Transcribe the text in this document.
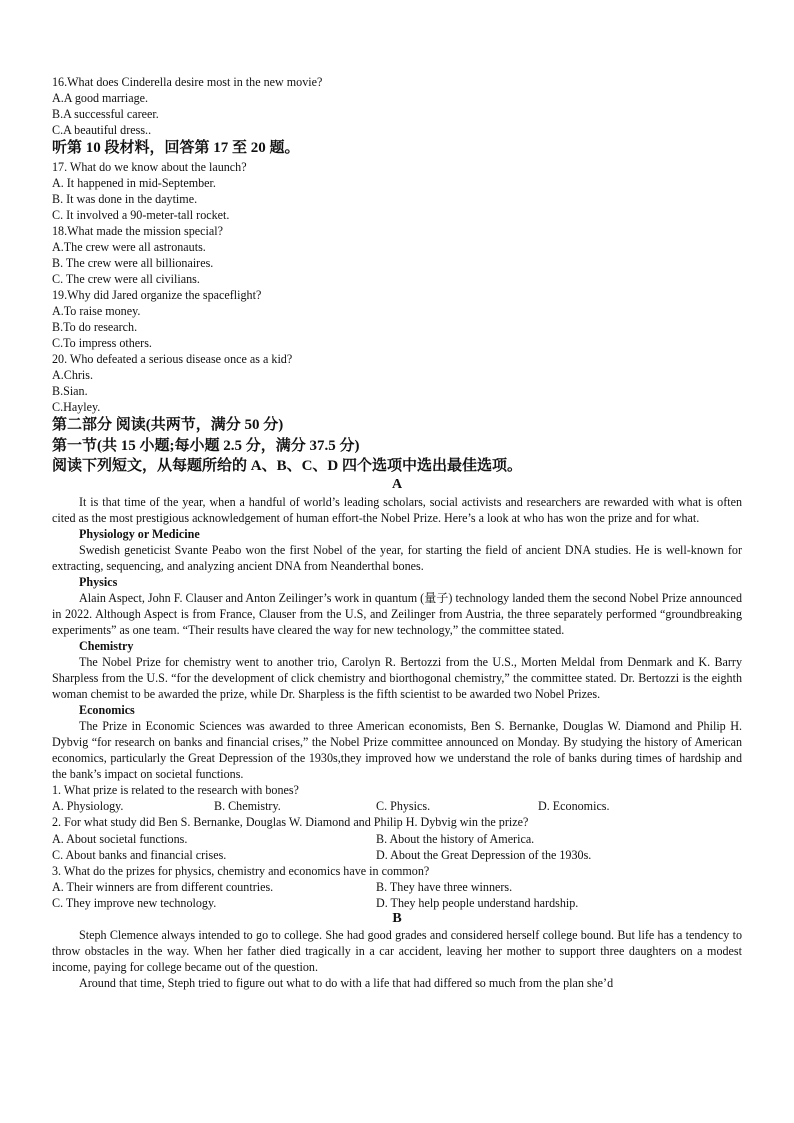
16.What does Cinderella desire most in the new movie?
A.A good marriage.
B.A successful career.
C.A beautiful dress..
听第 10 段材料，回答第 17 至 20 题。
17. What do we know about the launch?
A. It happened in mid-September.
B. It was done in the daytime.
C. It involved a 90-meter-tall rocket.
18.What made the mission special?
A.The crew were all astronauts.
B. The crew were all billionaires.
C. The crew were all civilians.
19.Why did Jared organize the spaceflight?
A.To raise money.
B.To do research.
C.To impress others.
20. Who defeated a serious disease once as a kid?
A.Chris.
B.Sian.
C.Hayley.
第二部分 阅读(共两节，满分 50 分)
第一节(共 15 小题;每小题 2.5 分，满分 37.5 分)
阅读下列短文，从每题所给的 A、B、C、D 四个选项中选出最佳选项。
A
It is that time of the year, when a handful of world’s leading scholars, social activists and researchers are rewarded with what is often cited as the most prestigious acknowledgement of human effort-the Nobel Prize. Here’s a look at who has won the prize and for what.
Physiology or Medicine
Swedish geneticist Svante Peabo won the first Nobel of the year, for starting the field of ancient DNA studies. He is well-known for extracting, sequencing, and analyzing ancient DNA from Neanderthal bones.
Physics
Alain Aspect, John F. Clauser and Anton Zeilinger’s work in quantum (量子) technology landed them the second Nobel Prize announced in 2022. Although Aspect is from France, Clauser from the U.S, and Zeilinger from Austria, the three separately performed “groundbreaking experiments” as one team. “Their results have cleared the way for new technology,” the committee stated.
Chemistry
The Nobel Prize for chemistry went to another trio, Carolyn R. Bertozzi from the U.S., Morten Meldal from Denmark and K. Barry Sharpless from the U.S. “for the development of click chemistry and biorthogonal chemistry,” the committee stated. Dr. Bertozzi is the eighth woman chemist to be awarded the prize, while Dr. Sharpless is the fifth scientist to be awarded two Nobel Prizes.
Economics
The Prize in Economic Sciences was awarded to three American economists, Ben S. Bernanke, Douglas W. Diamond and Philip H. Dybvig “for research on banks and financial crises,” the Nobel Prize committee announced on Monday. By studying the history of American economics, particularly the Great Depression of the 1930s,they improved how we understand the role of banks during times of hardship and the bank’s impact on societal functions.
1. What prize is related to the research with bones?
A. Physiology.	B. Chemistry.	C. Physics.	D. Economics.
2. For what study did Ben S. Bernanke, Douglas W. Diamond and Philip H. Dybvig win the prize?
A. About societal functions.	B. About the history of America.
C. About banks and financial crises.	D. About the Great Depression of the 1930s.
3. What do the prizes for physics, chemistry and economics have in common?
A. Their winners are from different countries.	B. They have three winners.
C. They improve new technology.	D. They help people understand hardship.
B
Steph Clemence always intended to go to college. She had good grades and considered herself college bound. But life has a tendency to throw obstacles in the way. When her father died tragically in a car accident, leaving her mother to support three daughters on a modest income, paying for college became out of the question.
Around that time, Steph tried to figure out what to do with a life that had differed so much from the plan she’d
